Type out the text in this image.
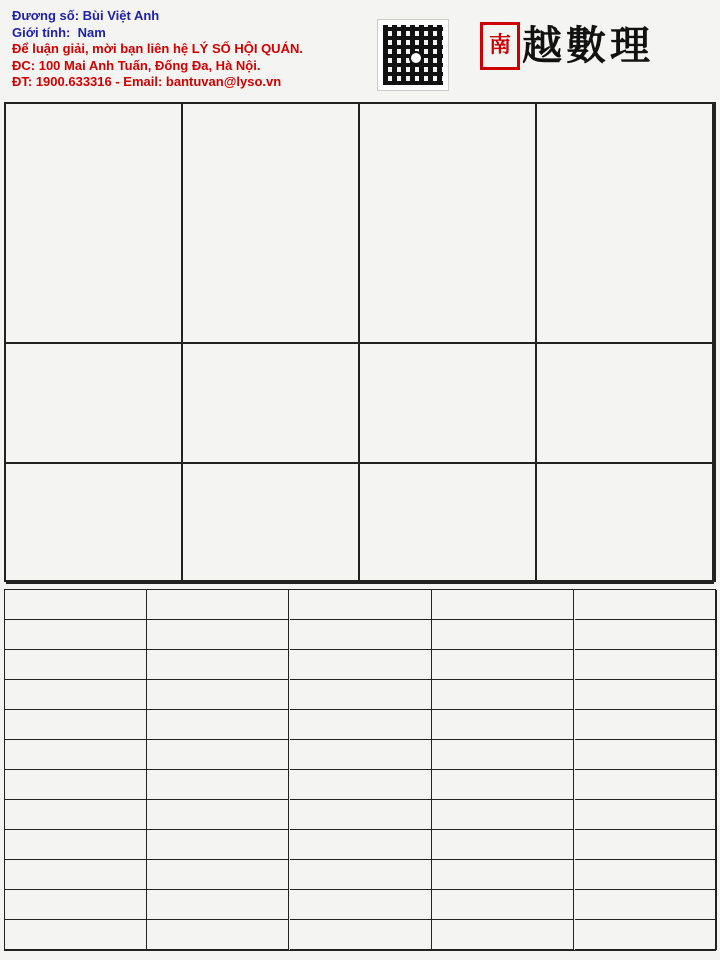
Đương số: Bùi Việt Anh
Giới tính: Nam
Để luận giải, mời bạn liên hệ LÝ SỐ HỘI QUÁN.
ĐC: 100 Mai Anh Tuấn, Đống Đa, Hà Nội.
ĐT: 1900.633316 - Email: bantuvan@lyso.vn
南 越數理
